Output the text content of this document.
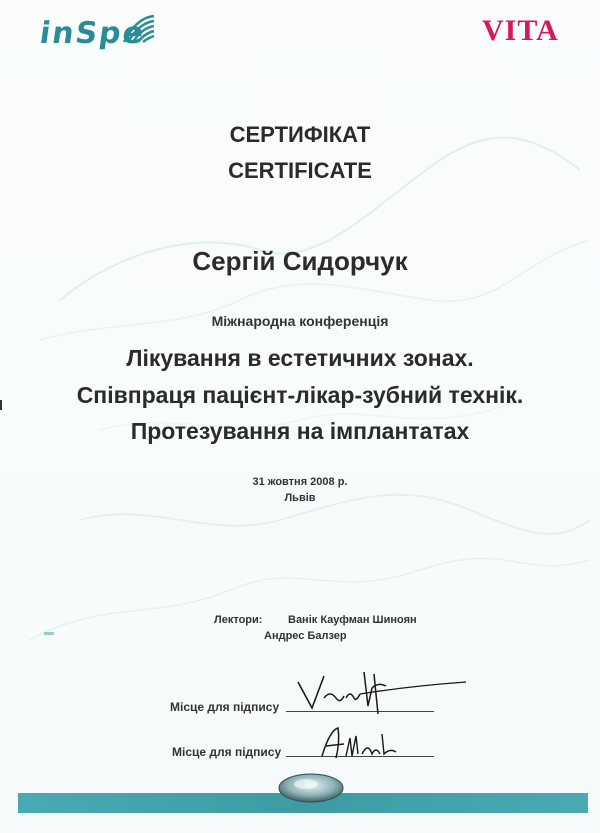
inSpe	VITA
СЕРТИФІКАТ
CERTIFICATE
Сергій Сидорчук
Міжнародна конференція
Лікування в естетичних зонах.
Співпраця пацієнт-лікар-зубний технік.
Протезування на імплантатах
31 жовтня 2008 р.
Львів
Лектори: Ванік Кауфман Шиноян
Андрес Балзер
Місце для підпису
Місце для підпису
